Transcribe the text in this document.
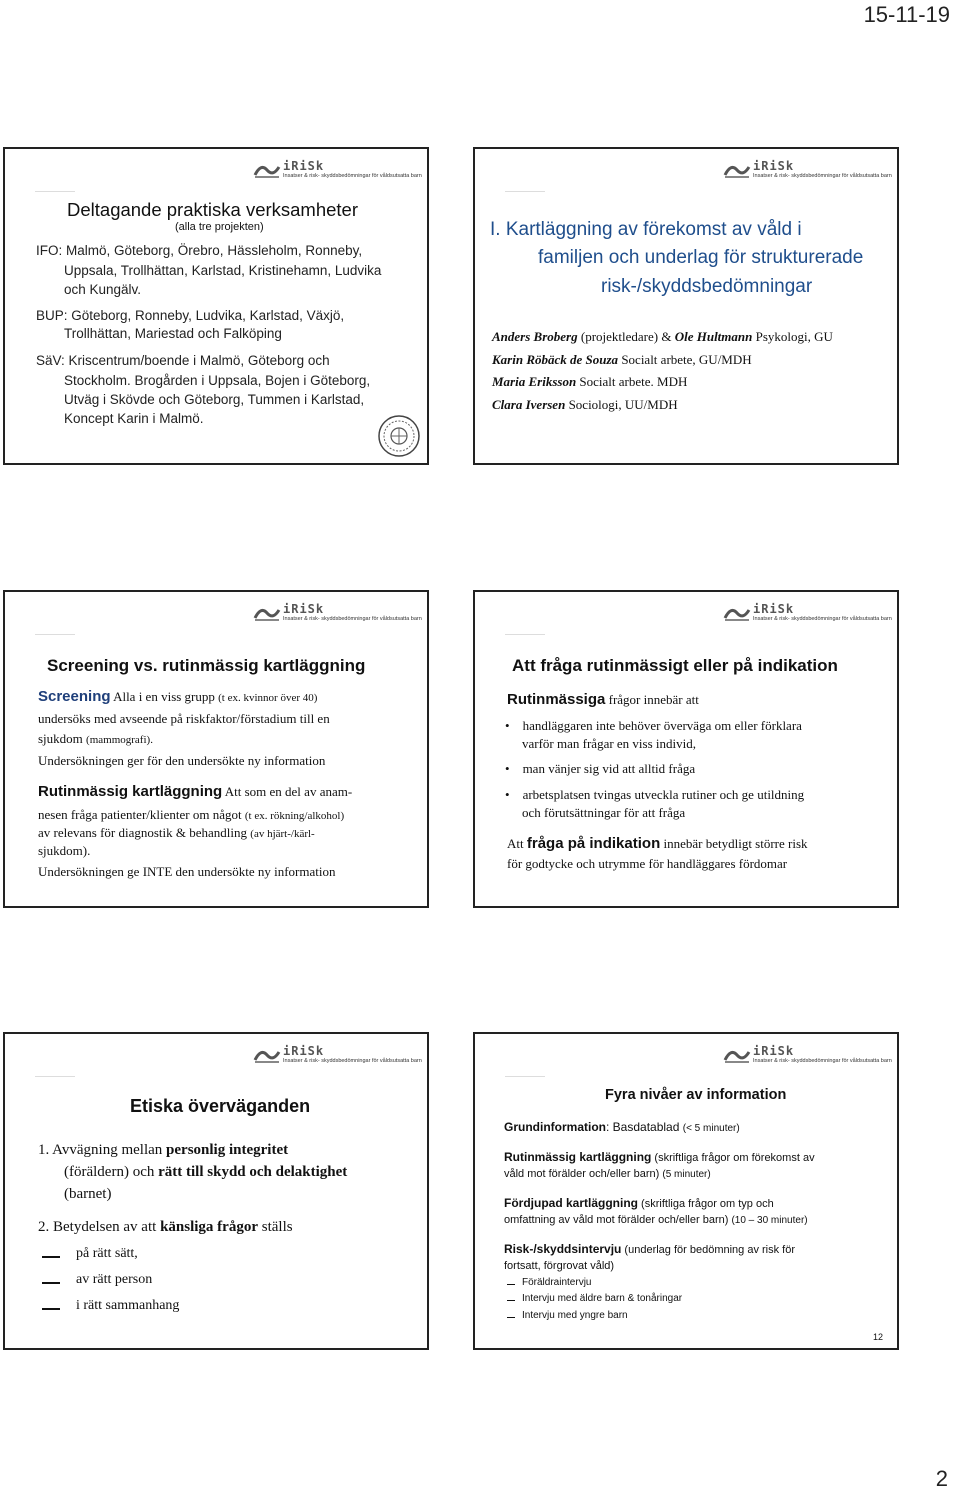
15-11-19
iRiSk
Insatser & risk- skyddsbedömningar för våldsutsatta barn
Deltagande praktiska verksamheter
(alla tre projekten)
IFO: Malmö, Göteborg, Örebro, Hässleholm, Ronneby,
Uppsala, Trollhättan, Karlstad, Kristinehamn, Ludvika
och Kungälv.
BUP: Göteborg, Ronneby, Ludvika, Karlstad, Växjö,
Trollhättan, Mariestad och Falköping
SäV: Kriscentrum/boende i Malmö, Göteborg och
Stockholm. Brogården i Uppsala, Bojen i Göteborg,
Utväg i Skövde och Göteborg, Tummen i Karlstad,
Koncept Karin i Malmö.
iRiSk
Insatser & risk- skyddsbedömningar för våldsutsatta barn
I. Kartläggning av förekomst av våld i
familjen och underlag för strukturerade
risk-/skyddsbedömningar
Anders Broberg (projektledare) & Ole Hultmann Psykologi, GU
Karin Röbäck de Souza Socialt arbete, GU/MDH
Maria Eriksson Socialt arbete. MDH
Clara Iversen Sociologi, UU/MDH
iRiSk
Insatser & risk- skyddsbedömningar för våldsutsatta barn
Screening vs. rutinmässig kartläggning
Screening Alla i en viss grupp (t ex. kvinnor över 40)
undersöks med avseende på riskfaktor/förstadium till en
sjukdom (mammografi).
Undersökningen ger för den undersökte ny information
Rutinmässig kartläggning Att som en del av anam-
nesen fråga patienter/klienter om något (t ex. rökning/alkohol)
av relevans för diagnostik & behandling (av hjärt-/kärl-
sjukdom).
Undersökningen ge INTE den undersökte ny information
iRiSk
Insatser & risk- skyddsbedömningar för våldsutsatta barn
Att fråga rutinmässigt eller på indikation
Rutinmässiga frågor innebär att
•    handläggaren inte behöver överväga om eller förklara
varför man frågar en viss individ,
•    man vänjer sig vid att alltid fråga
•    arbetsplatsen tvingas utveckla rutiner och ge utildning
och förutsättningar för att fråga
Att fråga på indikation innebär betydligt större risk
för godtycke och utrymme för handläggares fördomar
iRiSk
Insatser & risk- skyddsbedömningar för våldsutsatta barn
Etiska överväganden
1. Avvägning mellan personlig integritet
(föräldern) och rätt till skydd och delaktighet
(barnet)
2. Betydelsen av att känsliga frågor ställs
på rätt sätt,
av rätt person
i rätt sammanhang
iRiSk
Insatser & risk- skyddsbedömningar för våldsutsatta barn
Fyra nivåer av information
Grundinformation: Basdatablad (< 5 minuter)
Rutinmässig kartläggning (skriftliga frågor om förekomst av
våld mot förälder och/eller barn) (5 minuter)
Fördjupad kartläggning (skriftliga frågor om typ och
omfattning av våld mot förälder och/eller barn) (10 – 30 minuter)
Risk-/skyddsintervju (underlag för bedömning av risk för
fortsatt, förgrovat våld)
Föräldraintervju
Intervju med äldre barn & tonåringar
Intervju med yngre barn
12
2
